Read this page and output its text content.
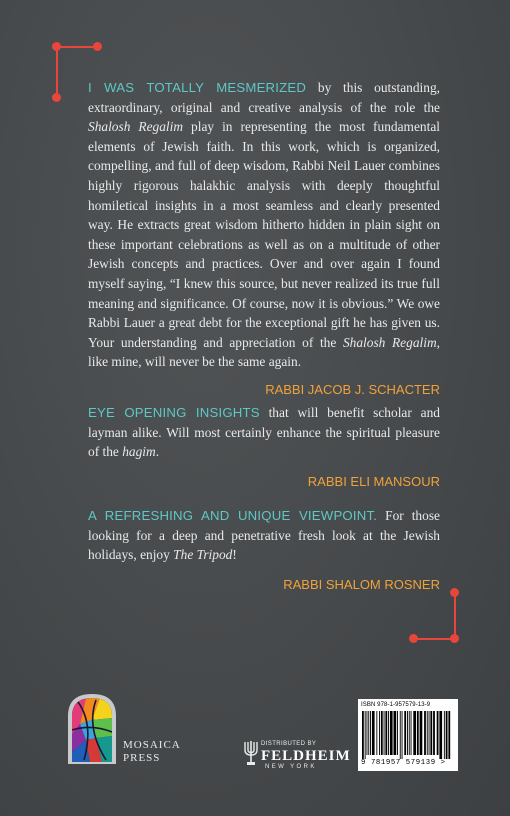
I WAS TOTALLY MESMERIZED by this outstanding, extraordinary, original and creative analysis of the role the Shalosh Regalim play in representing the most fundamental elements of Jewish faith. In this work, which is organized, compelling, and full of deep wisdom, Rabbi Neil Lauer combines highly rigorous halakhic analysis with deeply thoughtful homiletical insights in a most seamless and clearly presented way. He extracts great wisdom hitherto hidden in plain sight on these important celebrations as well as on a multitude of other Jewish concepts and practices. Over and over again I found myself saying, “I knew this source, but never realized its true full meaning and significance. Of course, now it is obvious.” We owe Rabbi Lauer a great debt for the exceptional gift he has given us. Your understanding and appreciation of the Shalosh Regalim, like mine, will never be the same again.

RABBI JACOB J. SCHACTER

EYE OPENING INSIGHTS that will benefit scholar and layman alike. Will most certainly enhance the spiritual pleasure of the hagim.

RABBI ELI MANSOUR

A REFRESHING AND UNIQUE VIEWPOINT. For those looking for a deep and penetrative fresh look at the Jewish holidays, enjoy The Tripod!

RABBI SHALOM ROSNER
MOSAICA
PRESS
DISTRIBUTED BY
FELDHEIM
NEW YORK
ISBN 978-1-957579-13-9
9 781957 579139 >
